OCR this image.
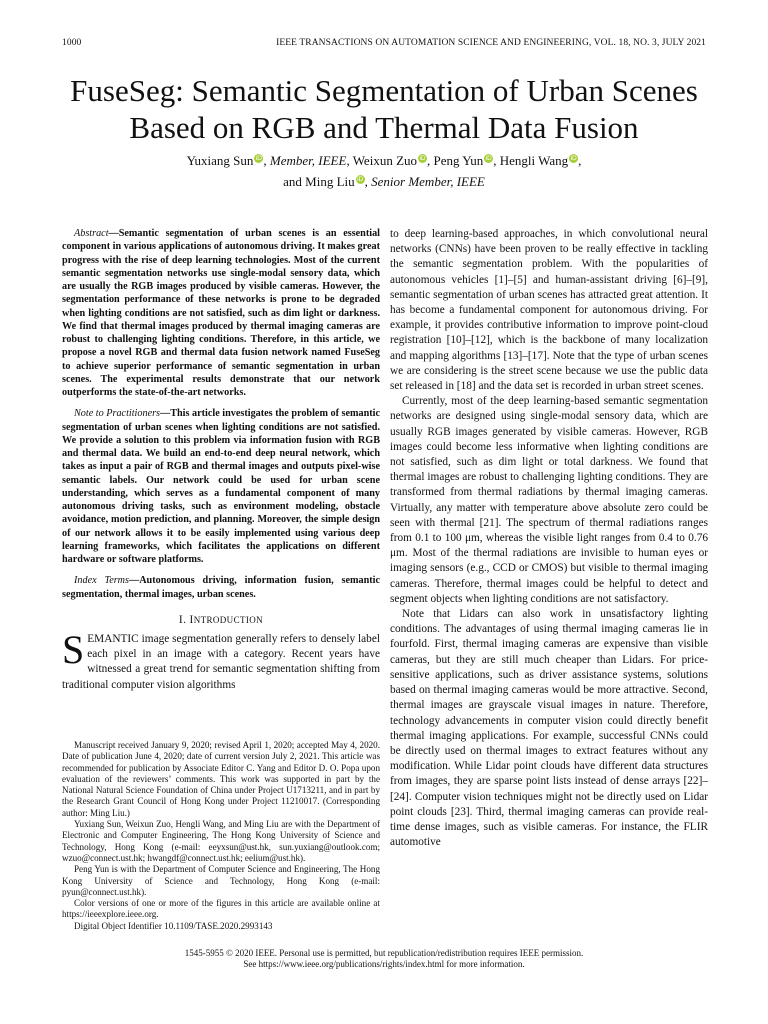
1000	IEEE TRANSACTIONS ON AUTOMATION SCIENCE AND ENGINEERING, VOL. 18, NO. 3, JULY 2021
FuseSeg: Semantic Segmentation of Urban Scenes
Based on RGB and Thermal Data Fusion
Yuxiang Sun iD, Member, IEEE, Weixun Zuo iD, Peng Yun iD, Hengli Wang iD,
and Ming Liu iD, Senior Member, IEEE

Abstract—Semantic segmentation of urban scenes is an essential component in various applications of autonomous driving. It makes great progress with the rise of deep learning technologies. Most of the current semantic segmentation networks use single-modal sensory data, which are usually the RGB images produced by visible cameras. However, the segmentation performance of these networks is prone to be degraded when lighting conditions are not satisfied, such as dim light or darkness. We find that thermal images produced by thermal imaging cameras are robust to challenging lighting conditions. Therefore, in this article, we propose a novel RGB and thermal data fusion network named FuseSeg to achieve superior performance of semantic segmentation in urban scenes. The experimental results demonstrate that our network outperforms the state-of-the-art networks.

Note to Practitioners—This article investigates the problem of semantic segmentation of urban scenes when lighting conditions are not satisfied. We provide a solution to this problem via information fusion with RGB and thermal data. We build an end-to-end deep neural network, which takes as input a pair of RGB and thermal images and outputs pixel-wise semantic labels. Our network could be used for urban scene understanding, which serves as a fundamental component of many autonomous driving tasks, such as environment modeling, obstacle avoidance, motion prediction, and planning. Moreover, the simple design of our network allows it to be easily implemented using various deep learning frameworks, which facilitates the applications on different hardware or software platforms.

Index Terms—Autonomous driving, information fusion, semantic segmentation, thermal images, urban scenes.

I. INTRODUCTION

SEMANTIC image segmentation generally refers to densely label each pixel in an image with a category. Recent years have witnessed a great trend for semantic segmentation shifting from traditional computer vision algorithms

Manuscript received January 9, 2020; revised April 1, 2020; accepted May 4, 2020. Date of publication June 4, 2020; date of current version July 2, 2021. This article was recommended for publication by Associate Editor C. Yang and Editor D. O. Popa upon evaluation of the reviewers’ comments. This work was supported in part by the National Natural Science Foundation of China under Project U1713211, and in part by the Research Grant Council of Hong Kong under Project 11210017. (Corresponding author: Ming Liu.)

Yuxiang Sun, Weixun Zuo, Hengli Wang, and Ming Liu are with the Department of Electronic and Computer Engineering, The Hong Kong University of Science and Technology, Hong Kong (e-mail: eeyxsun@ust.hk, sun.yuxiang@outlook.com; wzuo@connect.ust.hk; hwangdf@connect.ust.hk; eelium@ust.hk).

Peng Yun is with the Department of Computer Science and Engineering, The Hong Kong University of Science and Technology, Hong Kong (e-mail: pyun@connect.ust.hk).

Color versions of one or more of the figures in this article are available online at https://ieeexplore.ieee.org.

Digital Object Identifier 10.1109/TASE.2020.2993143

to deep learning-based approaches, in which convolutional neural networks (CNNs) have been proven to be really effective in tackling the semantic segmentation problem. With the popularities of autonomous vehicles [1]–[5] and human-assistant driving [6]–[9], semantic segmentation of urban scenes has attracted great attention. It has become a fundamental component for autonomous driving. For example, it provides contributive information to improve point-cloud registration [10]–[12], which is the backbone of many localization and mapping algorithms [13]–[17]. Note that the type of urban scenes we are considering is the street scene because we use the public data set released in [18] and the data set is recorded in urban street scenes.

Currently, most of the deep learning-based semantic segmentation networks are designed using single-modal sensory data, which are usually RGB images generated by visible cameras. However, RGB images could become less informative when lighting conditions are not satisfied, such as dim light or total darkness. We found that thermal images are robust to challenging lighting conditions. They are transformed from thermal radiations by thermal imaging cameras. Virtually, any matter with temperature above absolute zero could be seen with thermal [21]. The spectrum of thermal radiations ranges from 0.1 to 100 μm, whereas the visible light ranges from 0.4 to 0.76 μm. Most of the thermal radiations are invisible to human eyes or imaging sensors (e.g., CCD or CMOS) but visible to thermal imaging cameras. Therefore, thermal images could be helpful to detect and segment objects when lighting conditions are not satisfactory.

Note that Lidars can also work in unsatisfactory lighting conditions. The advantages of using thermal imaging cameras lie in fourfold. First, thermal imaging cameras are expensive than visible cameras, but they are still much cheaper than Lidars. For price-sensitive applications, such as driver assistance systems, solutions based on thermal imaging cameras would be more attractive. Second, thermal images are grayscale visual images in nature. Therefore, technology advancements in computer vision could directly benefit thermal imaging applications. For example, successful CNNs could be directly used on thermal images to extract features without any modification. While Lidar point clouds have different data structures from images, they are sparse point lists instead of dense arrays [22]–[24]. Computer vision techniques might not be directly used on Lidar point clouds [23]. Third, thermal imaging cameras can provide real-time dense images, such as visible cameras. For instance, the FLIR automotive

1545-5955 © 2020 IEEE. Personal use is permitted, but republication/redistribution requires IEEE permission.
See https://www.ieee.org/publications/rights/index.html for more information.
